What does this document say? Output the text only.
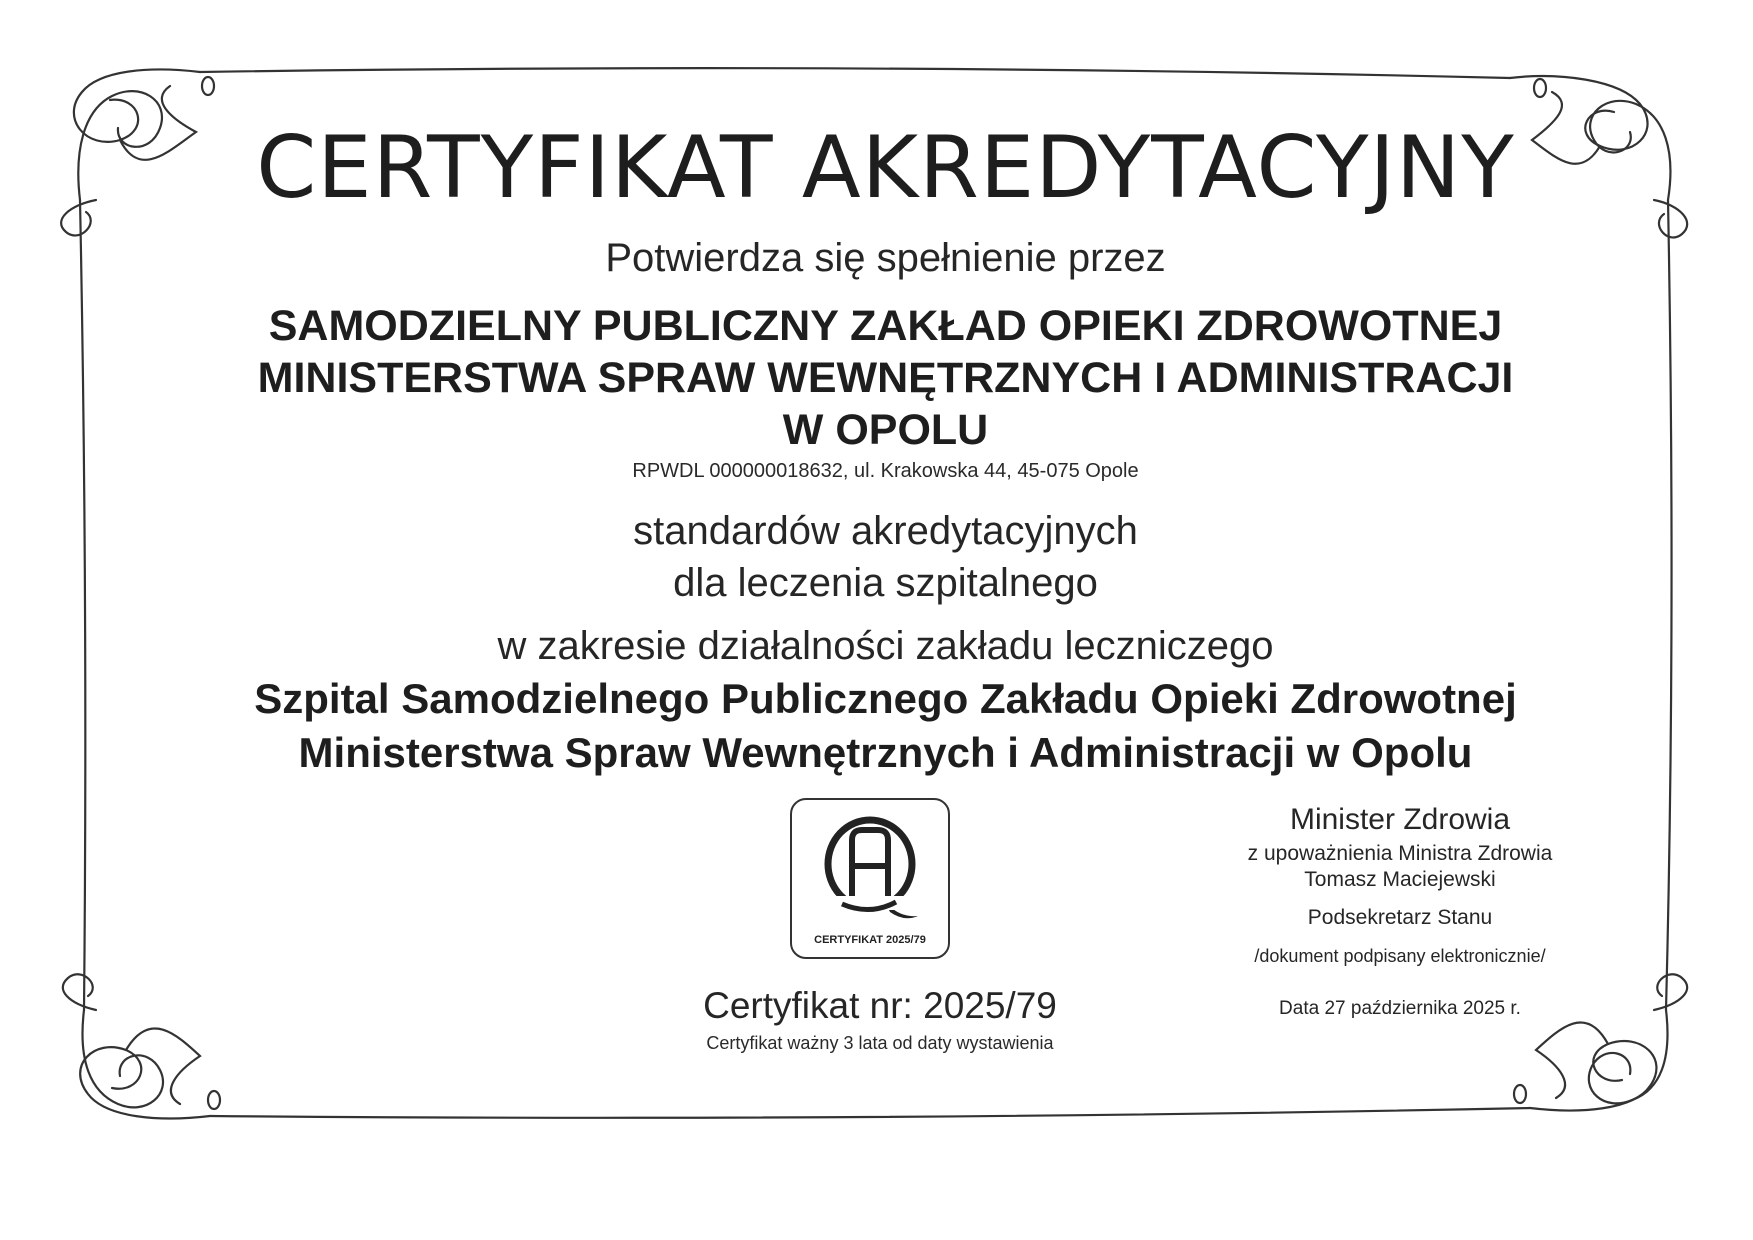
CERTYFIKAT AKREDYTACYJNY
Potwierdza się spełnienie przez
SAMODZIELNY PUBLICZNY ZAKŁAD OPIEKI ZDROWOTNEJ
MINISTERSTWA SPRAW WEWNĘTRZNYCH I ADMINISTRACJI
W OPOLU
RPWDL 000000018632, ul. Krakowska 44, 45-075 Opole
standardów akredytacyjnych
dla leczenia szpitalnego
w zakresie działalności zakładu leczniczego
Szpital Samodzielnego Publicznego Zakładu Opieki Zdrowotnej
Ministerstwa Spraw Wewnętrznych i Administracji w Opolu
CERTYFIKAT 2025/79
Certyfikat nr: 2025/79
Certyfikat ważny 3 lata od daty wystawienia
Minister Zdrowia
z upoważnienia Ministra Zdrowia
Tomasz Maciejewski
Podsekretarz Stanu
/dokument podpisany elektronicznie/
Data 27 października 2025 r.
